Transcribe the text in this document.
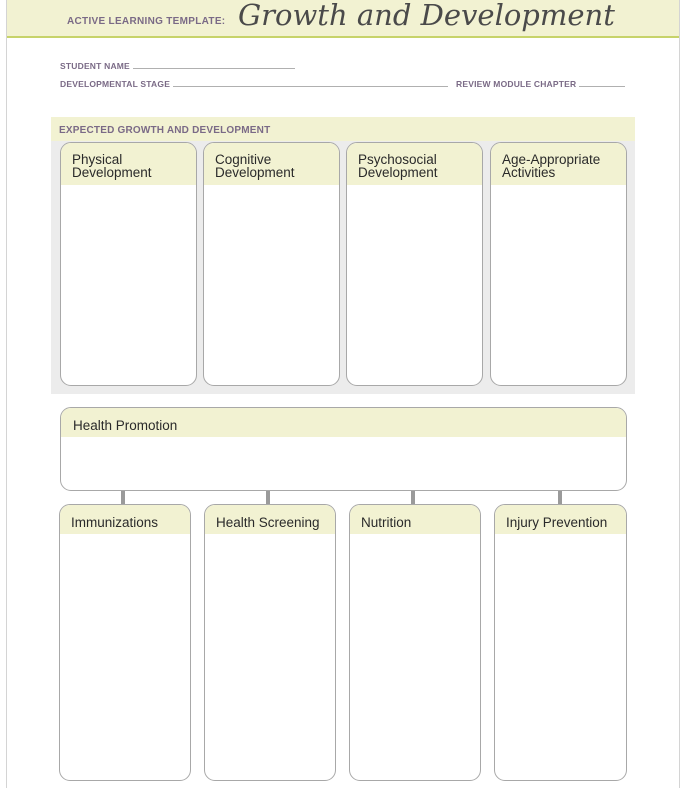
ACTIVE LEARNING TEMPLATE: Growth and Development
STUDENT NAME
DEVELOPMENTAL STAGE	REVIEW MODULE CHAPTER
EXPECTED GROWTH AND DEVELOPMENT
Physical
Development
Cognitive
Development
Psychosocial
Development
Age-Appropriate
Activities
Health Promotion
Immunizations	Health Screening	Nutrition	Injury Prevention
